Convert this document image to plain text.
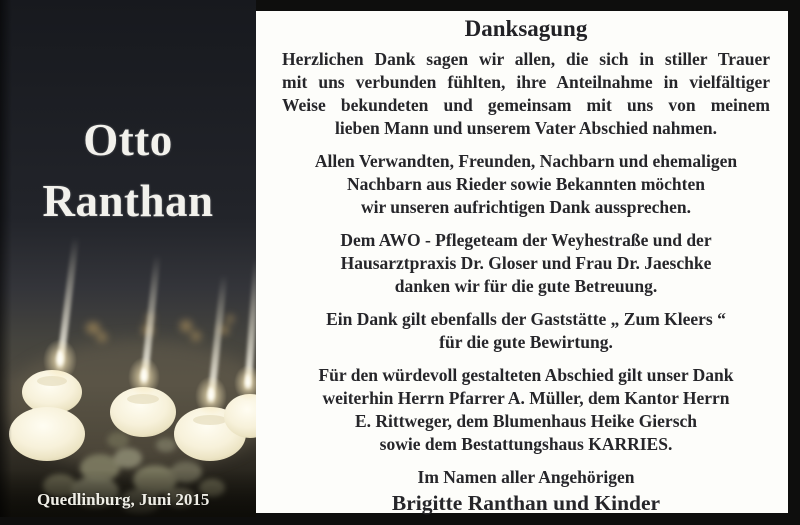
Otto
Ranthan
Quedlinburg, Juni 2015
Danksagung
Herzlichen Dank sagen wir allen, die sich in stiller Trauer
mit uns verbunden fühlten, ihre Anteilnahme in vielfältiger
Weise bekundeten und gemeinsam mit uns von meinem
lieben Mann und unserem Vater Abschied nahmen.
Allen Verwandten, Freunden, Nachbarn und ehemaligen
Nachbarn aus Rieder sowie Bekannten möchten
wir unseren aufrichtigen Dank aussprechen.
Dem AWO - Pflegeteam der Weyhestraße und der
Hausarztpraxis Dr. Gloser und Frau Dr. Jaeschke
danken wir für die gute Betreuung.
Ein Dank gilt ebenfalls der Gaststätte „ Zum Kleers “
für die gute Bewirtung.
Für den würdevoll gestalteten Abschied gilt unser Dank
weiterhin Herrn Pfarrer A. Müller, dem Kantor Herrn
E. Rittweger, dem Blumenhaus Heike Giersch
sowie dem Bestattungshaus KARRIES.
Im Namen aller Angehörigen
Brigitte Ranthan und Kinder
